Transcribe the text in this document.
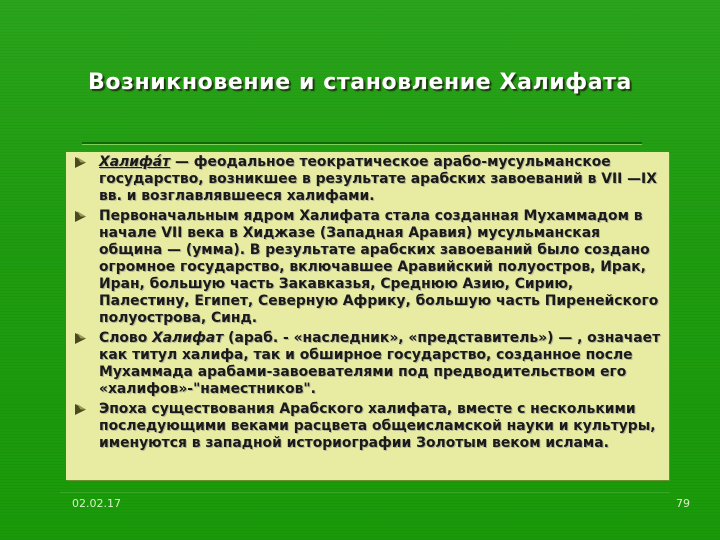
Возникновение и становление Халифата
Халифа́т — феодальное теократическое арабо-мусульманское государство, возникшее в результате арабских завоеваний в VII —IX вв. и возглавлявшееся халифами.
Первоначальным ядром Халифата стала созданная Мухаммадом в начале VII века в Хиджазе (Западная Аравия) мусульманская община — (умма). В результате арабских завоеваний было создано огромное государство, включавшее Аравийский полуостров, Ирак, Иран, большую часть Закавказья, Среднюю Азию, Сирию, Палестину, Египет, Северную Африку, большую часть Пиренейского полуострова, Синд.
Слово Халифат (араб. - «наследник», «представитель») — , означает как титул халифа, так и обширное государство, созданное после Мухаммада арабами-завоевателями под предводительством его «халифов»-"наместников".
Эпоха существования Арабского халифата, вместе с несколькими последующими веками расцвета общеисламской науки и культуры, именуются в западной историографии Золотым веком ислама.
02.02.17	79
